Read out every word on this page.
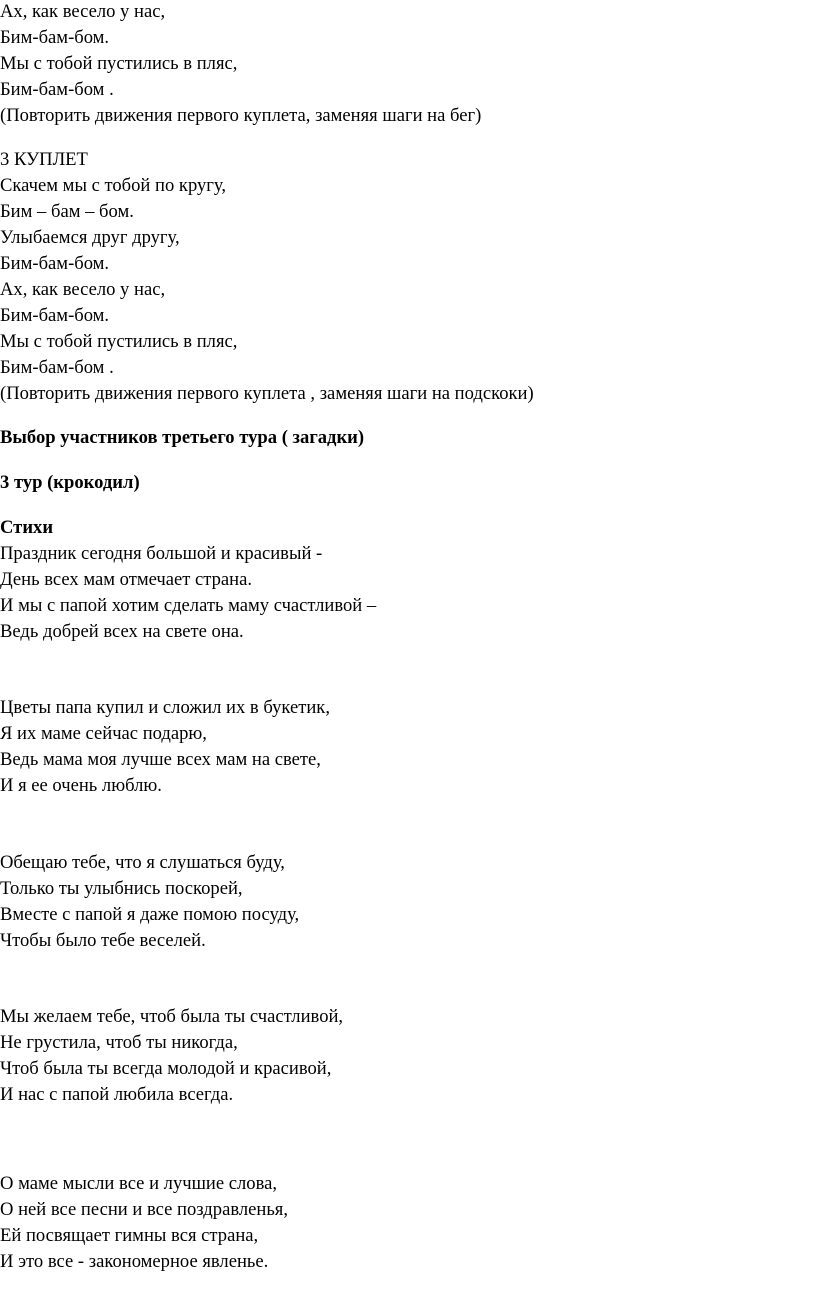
Ах, как весело у нас,
Бим-бам-бом.
Мы с тобой пустились в пляс,
Бим-бам-бом .
(Повторить движения первого куплета, заменяя шаги на бег)
3 КУПЛЕТ
Скачем мы с тобой по кругу,
Бим – бам – бом.
Улыбаемся друг другу,
Бим-бам-бом.
Ах, как весело у нас,
Бим-бам-бом.
Мы с тобой пустились в пляс,
Бим-бам-бом .
(Повторить движения первого куплета , заменяя шаги на подскоки)
Выбор участников третьего тура ( загадки)
3 тур (крокодил)
Стихи
Праздник сегодня большой и красивый -
День всех мам отмечает страна.
И мы с папой хотим сделать маму счастливой –
Ведь добрей всех на свете она.
Цветы папа купил и сложил их в букетик,
Я их маме сейчас подарю,
Ведь мама моя лучше всех мам на свете,
И я ее очень люблю.
Обещаю тебе, что я слушаться буду,
Только ты улыбнись поскорей,
Вместе с папой я даже помою посуду,
Чтобы было тебе веселей.
Мы желаем тебе, чтоб была ты счастливой,
Не грустила, чтоб ты никогда,
Чтоб была ты всегда молодой и красивой,
И нас с папой любила всегда.
О маме мысли все и лучшие слова,
О ней все песни и все поздравленья,
Ей посвящает гимны вся страна,
И это все - закономерное явленье.
